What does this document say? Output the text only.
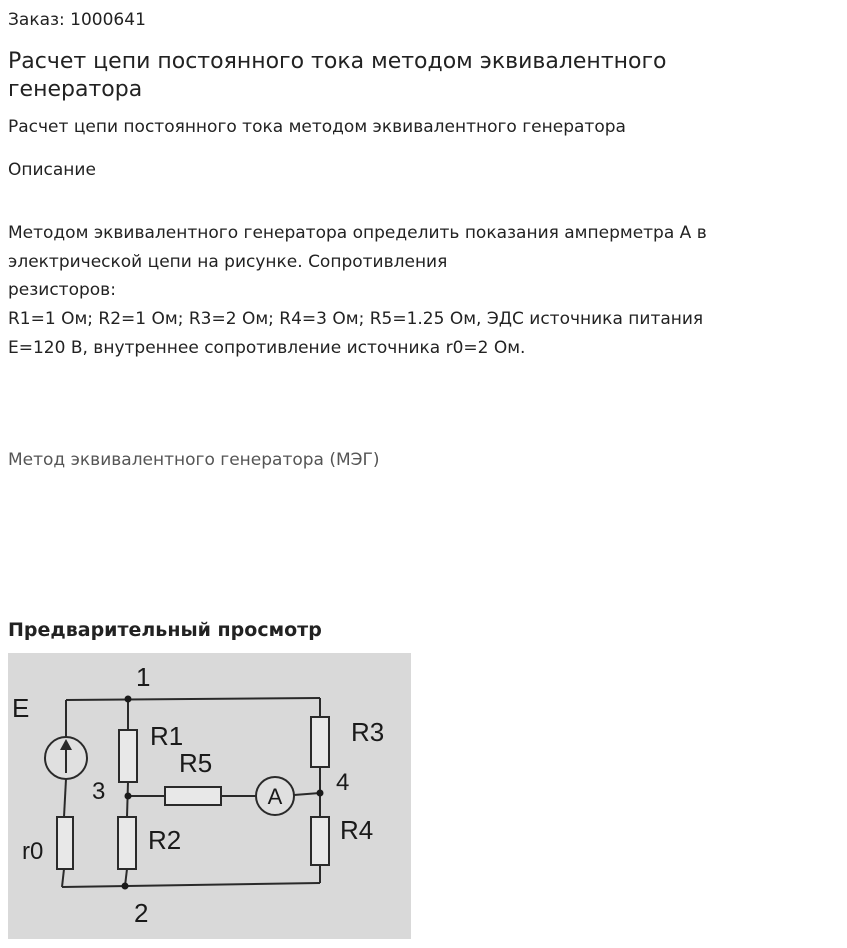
Заказ: 1000641
Расчет цепи постоянного тока методом эквивалентного генератора
Расчет цепи постоянного тока методом эквивалентного генератора
Описание
Методом эквивалентного генератора определить показания амперметра А в
электрической цепи на рисунке. Сопротивления
резисторов:
R1=1 Ом; R2=1 Ом; R3=2 Ом; R4=3 Ом; R5=1.25 Ом, ЭДС источника питания
E=120 В, внутреннее сопротивление источника r0=2 Ом.
Метод эквивалентного генератора (МЭГ)
Предварительный просмотр
A
1
2
3	4
E
r0
R1
R2
R3
R4
R5
